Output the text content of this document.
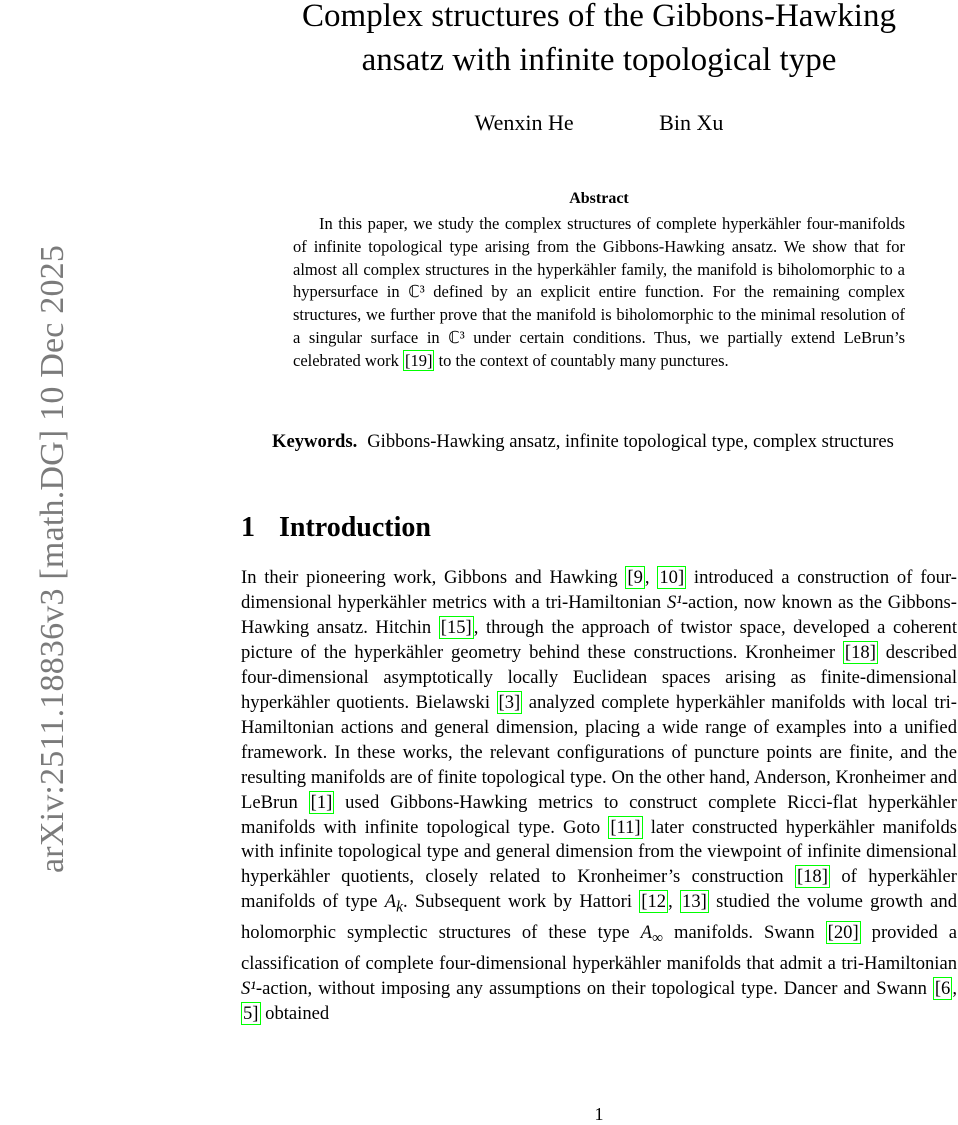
arXiv:2511.18836v3 [math.DG] 10 Dec 2025
Complex structures of the Gibbons-Hawking
ansatz with infinite topological type
Wenxin He	Bin Xu
Abstract

In this paper, we study the complex structures of complete hyperkähler four-manifolds of infinite topological type arising from the Gibbons-Hawking ansatz. We show that for almost all complex structures in the hyperkähler family, the manifold is biholomorphic to a hypersurface in ℂ³ defined by an explicit entire function. For the remaining complex structures, we further prove that the manifold is biholomorphic to the minimal resolution of a singular surface in ℂ³ under certain conditions. Thus, we partially extend LeBrun’s celebrated work [19] to the context of countably many punctures.

Keywords. Gibbons-Hawking ansatz, infinite topological type, complex structures

1 Introduction

In their pioneering work, Gibbons and Hawking [9 , 10] introduced a construction of four-dimensional hyperkähler metrics with a tri-Hamiltonian S¹-action, now known as the Gibbons-Hawking ansatz. Hitchin [15] , through the approach of twistor space, developed a coherent picture of the hyperkähler geometry behind these constructions. Kronheimer [18] described four-dimensional asymptotically locally Euclidean spaces arising as finite-dimensional hyperkähler quotients. Bielawski [3] analyzed complete hyperkähler manifolds with local tri-Hamiltonian actions and general dimension, placing a wide range of examples into a unified framework. In these works, the relevant configurations of puncture points are finite, and the resulting manifolds are of finite topological type. On the other hand, Anderson, Kronheimer and LeBrun [1] used Gibbons-Hawking metrics to construct complete Ricci-flat hyperkähler manifolds with infinite topological type. Goto [11] later constructed hyperkähler manifolds with infinite topological type and general dimension from the viewpoint of infinite dimensional hyperkähler quotients, closely related to Kronheimer’s construction [18] of hyperkähler manifolds of type $A_k$. Subsequent work by Hattori [12 , 13] studied the volume growth and holomorphic symplectic structures of these type $A_\infty$ manifolds. Swann [20] provided a classification of complete four-dimensional hyperkähler manifolds that admit a tri-Hamiltonian S¹-action, without imposing any assumptions on their topological type. Dancer and Swann [6 , 5] obtained

1
